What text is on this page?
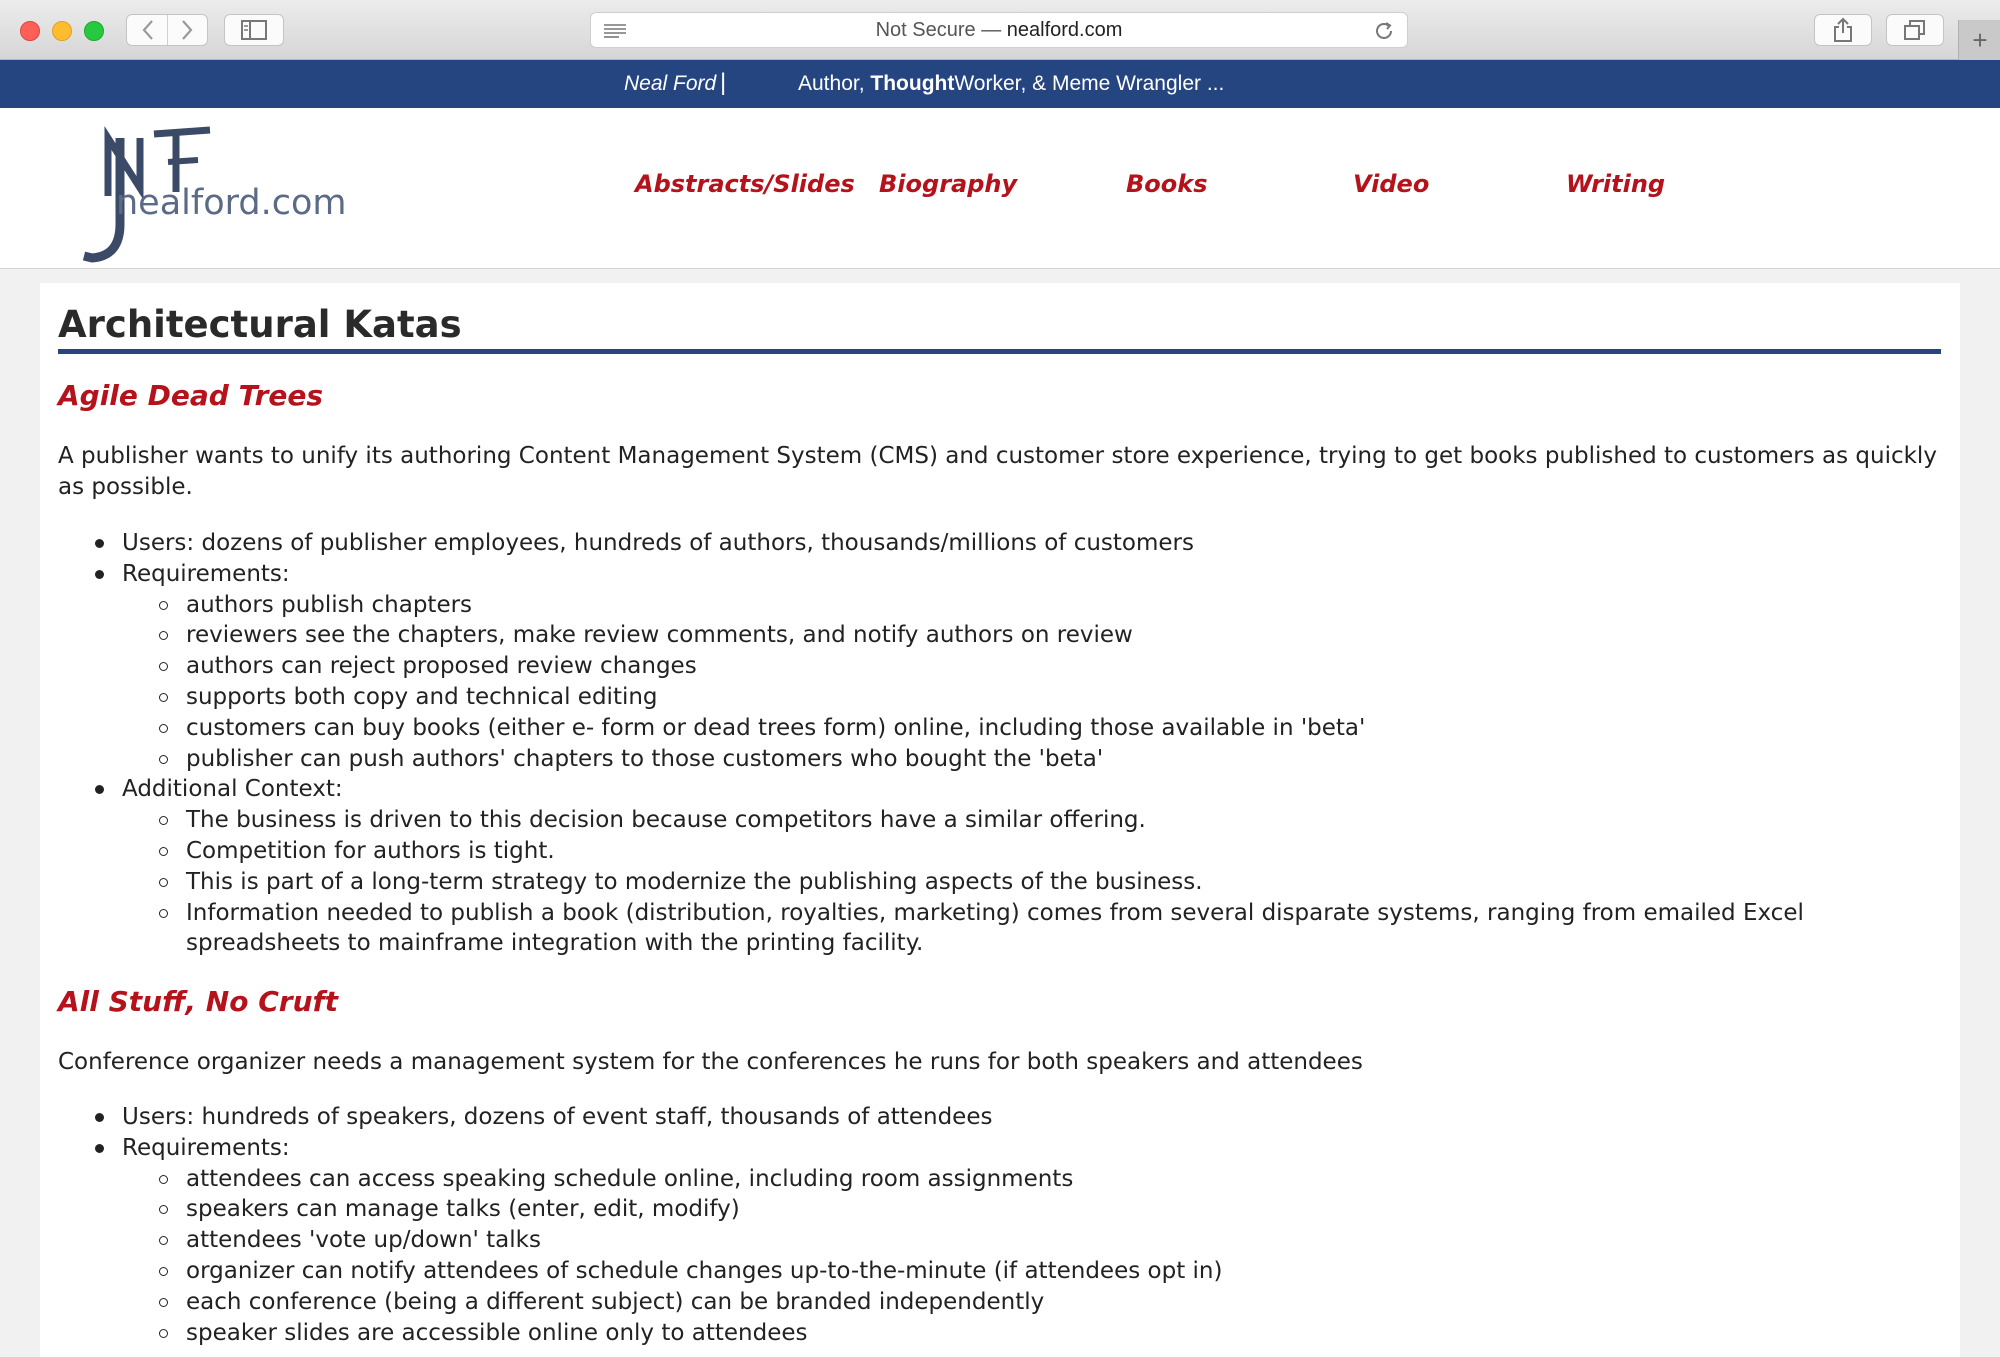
Not Secure — nealford.com	+
Neal Ford |	Author, ThoughtWorker, & Meme Wrangler ...
nealford.com	Abstracts/Slides Biography	Books	Video	Writing
Architectural Katas
Agile Dead Trees

A publisher wants to unify its authoring Content Management System (CMS) and customer store experience, trying to get books published to customers as quickly as possible.

Users: dozens of publisher employees, hundreds of authors, thousands/millions of customers
Requirements:
authors publish chapters
reviewers see the chapters, make review comments, and notify authors on review
authors can reject proposed review changes
supports both copy and technical editing
customers can buy books (either e- form or dead trees form) online, including those available in 'beta'
publisher can push authors' chapters to those customers who bought the 'beta'
Additional Context:
The business is driven to this decision because competitors have a similar offering.
Competition for authors is tight.
This is part of a long-term strategy to modernize the publishing aspects of the business.
Information needed to publish a book (distribution, royalties, marketing) comes from several disparate systems, ranging from emailed Excel spreadsheets to mainframe integration with the printing facility.
All Stuff, No Cruft

Conference organizer needs a management system for the conferences he runs for both speakers and attendees

Users: hundreds of speakers, dozens of event staff, thousands of attendees
Requirements:
attendees can access speaking schedule online, including room assignments
speakers can manage talks (enter, edit, modify)
attendees 'vote up/down' talks
organizer can notify attendees of schedule changes up-to-the-minute (if attendees opt in)
each conference (being a different subject) can be branded independently
speaker slides are accessible online only to attendees
